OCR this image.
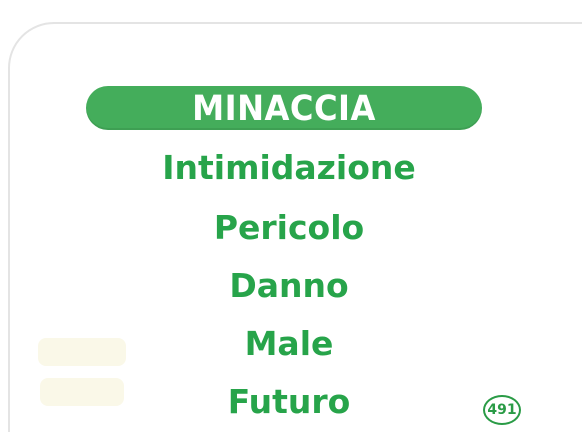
MINACCIA
Intimidazione
Pericolo
Danno
Male
Futuro	491
